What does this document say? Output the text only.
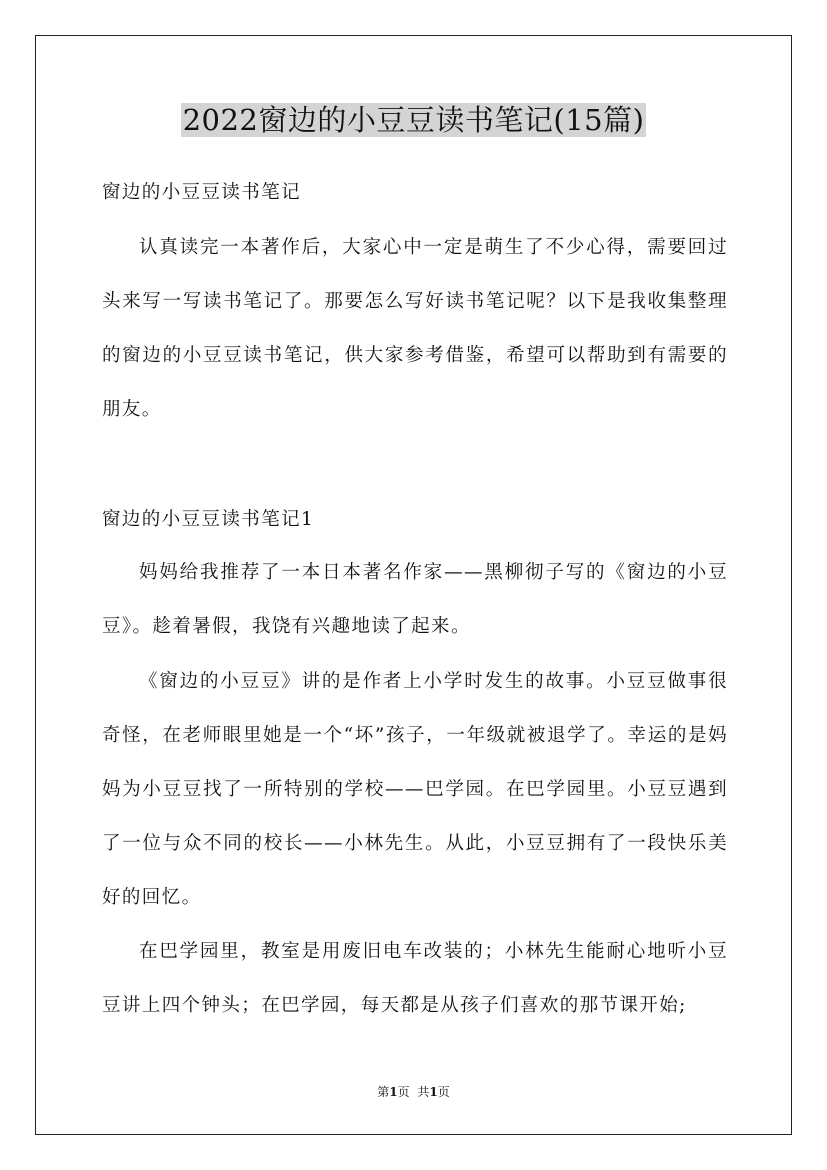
2022窗边的小豆豆读书笔记(15篇)

窗边的小豆豆读书笔记

认真读完一本著作后，大家心中一定是萌生了不少心得，需要回过头来写一写读书笔记了。那要怎么写好读书笔记呢？以下是我收集整理的窗边的小豆豆读书笔记，供大家参考借鉴，希望可以帮助到有需要的朋友。

窗边的小豆豆读书笔记1

妈妈给我推荐了一本日本著名作家——黑柳彻子写的《窗边的小豆豆》。趁着暑假，我饶有兴趣地读了起来。

《窗边的小豆豆》讲的是作者上小学时发生的故事。小豆豆做事很奇怪，在老师眼里她是一个“坏”孩子，一年级就被退学了。幸运的是妈妈为小豆豆找了一所特别的学校——巴学园。在巴学园里。小豆豆遇到了一位与众不同的校长——小林先生。从此，小豆豆拥有了一段快乐美好的回忆。

在巴学园里，教室是用废旧电车改装的；小林先生能耐心地听小豆豆讲上四个钟头；在巴学园，每天都是从孩子们喜欢的那节课开始;

第1页 共1页
